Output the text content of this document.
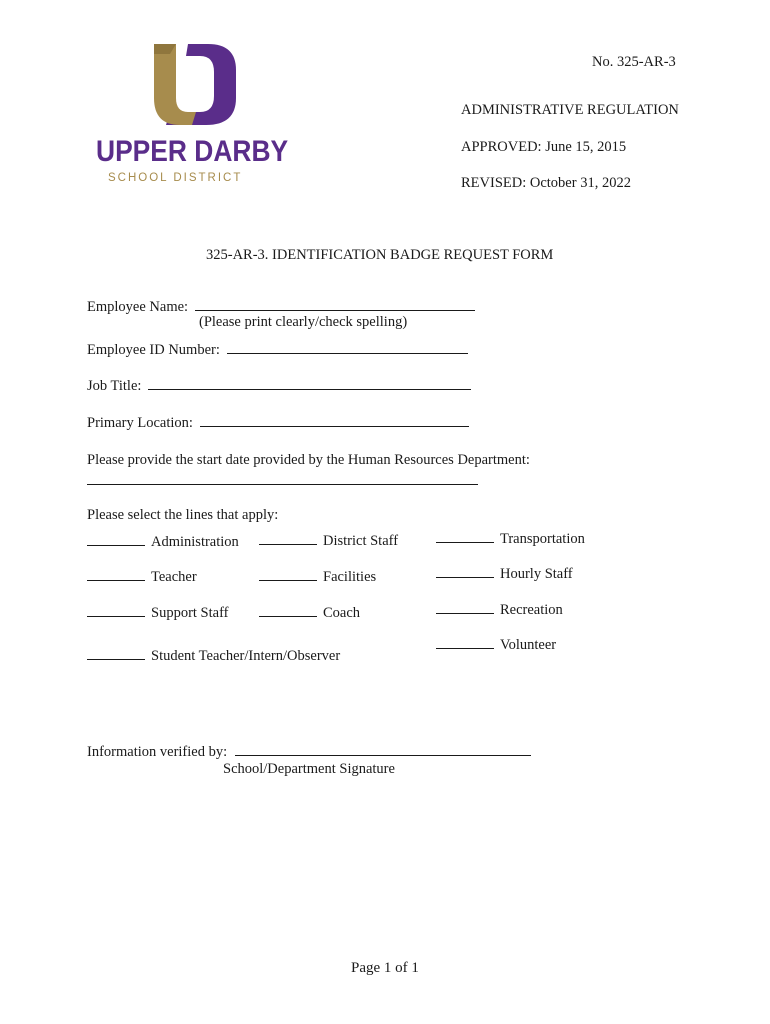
UPPER DARBY
SCHOOL DISTRICT
No. 325-AR-3
ADMINISTRATIVE REGULATION
APPROVED: June 15, 2015
REVISED: October 31, 2022
325-AR-3. IDENTIFICATION BADGE REQUEST FORM
Employee Name:
(Please print clearly/check spelling)
Employee ID Number:
Job Title:
Primary Location:
Please provide the start date provided by the Human Resources Department:
Please select the lines that apply:
Administration
Teacher
Support Staff
Student Teacher/Intern/Observer
District Staff
Facilities
Coach
Transportation
Hourly Staff
Recreation
Volunteer
Information verified by:
School/Department Signature
Page 1 of 1
